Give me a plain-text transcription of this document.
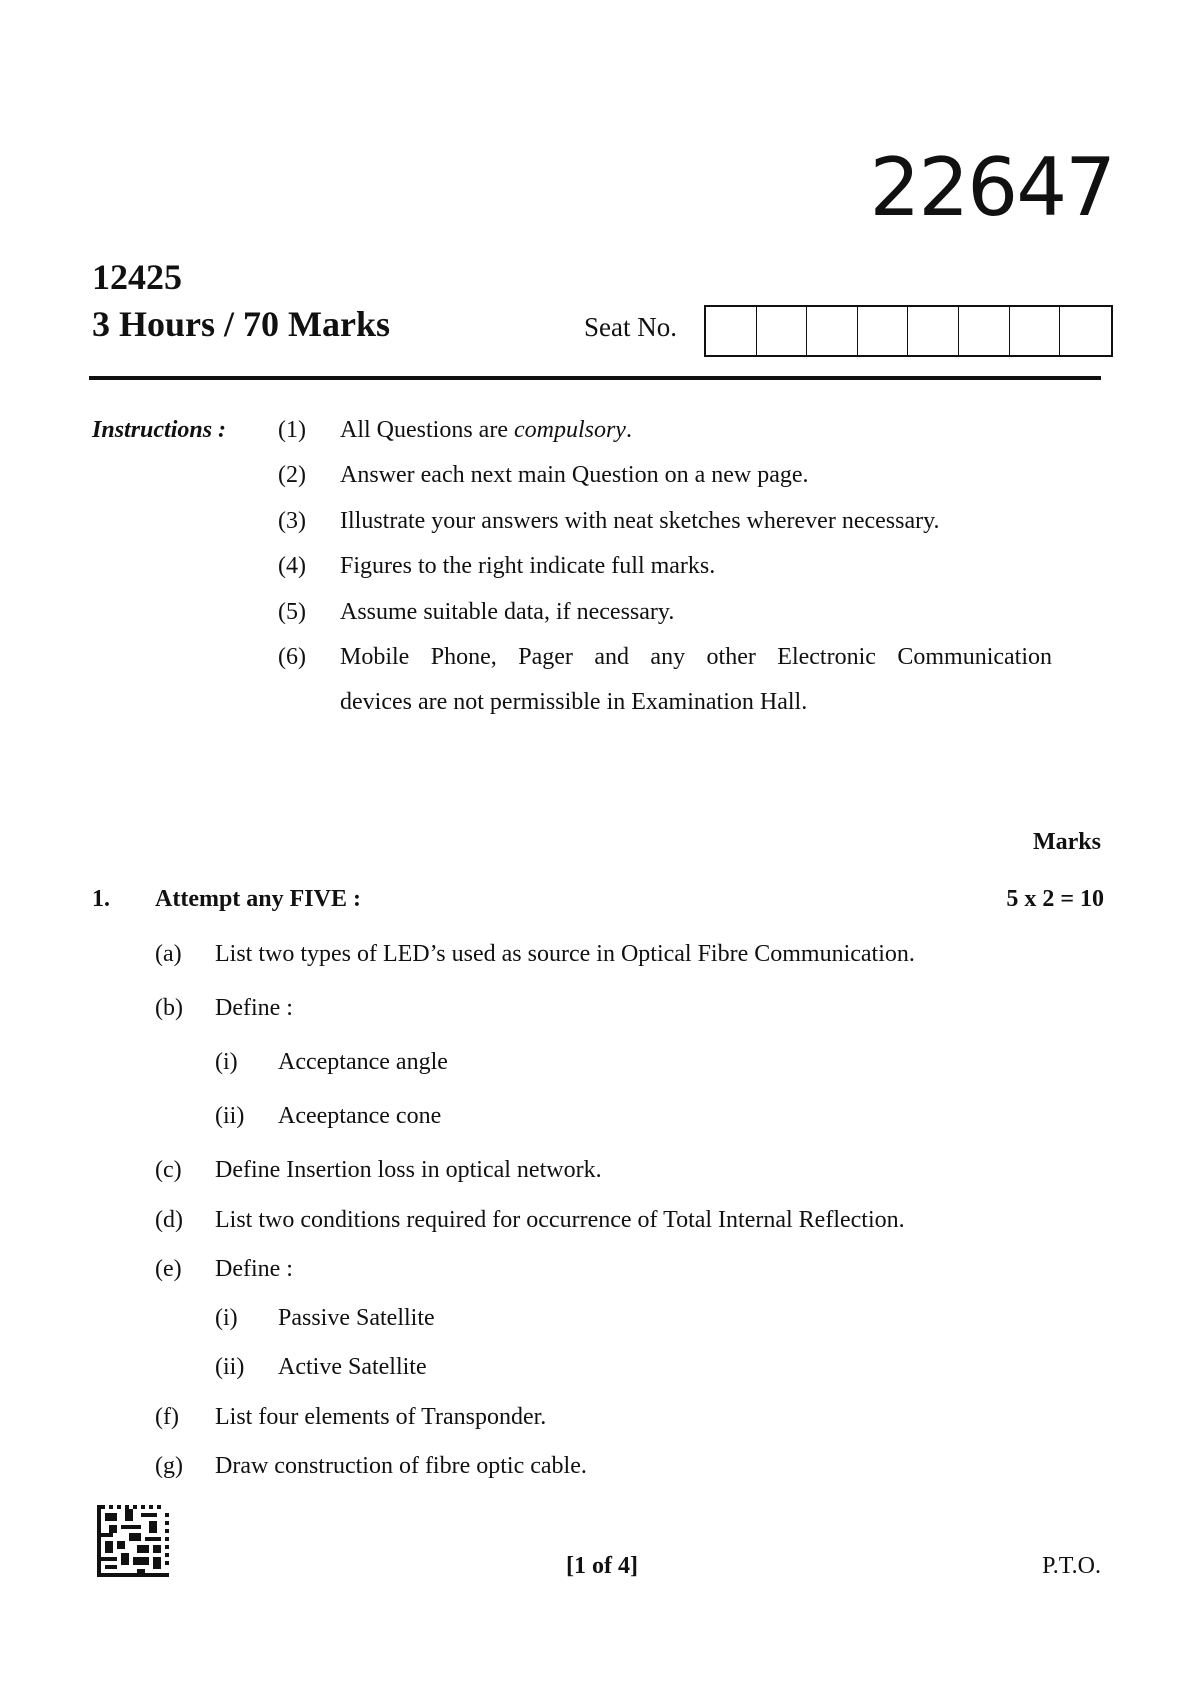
22647
12425
3 Hours / 70 Marks	Seat No.
Instructions : (1) All Questions are compulsory.
(2) Answer each next main Question on a new page.
(3) Illustrate your answers with neat sketches wherever necessary.
(4) Figures to the right indicate full marks.
(5) Assume suitable data, if necessary.
(6) Mobile Phone, Pager and any other Electronic Communication
devices are not permissible in Examination Hall.
Marks
1. Attempt any FIVE :	5 x 2 = 10
(a) List two types of LED’s used as source in Optical Fibre Communication.
(b) Define :
(i) Acceptance angle
(ii) Aceeptance cone
(c) Define Insertion loss in optical network.
(d) List two conditions required for occurrence of Total Internal Reflection.
(e) Define :
(i) Passive Satellite
(ii) Active Satellite
(f) List four elements of Transponder.
(g) Draw construction of fibre optic cable.
[1 of 4]	P.T.O.
